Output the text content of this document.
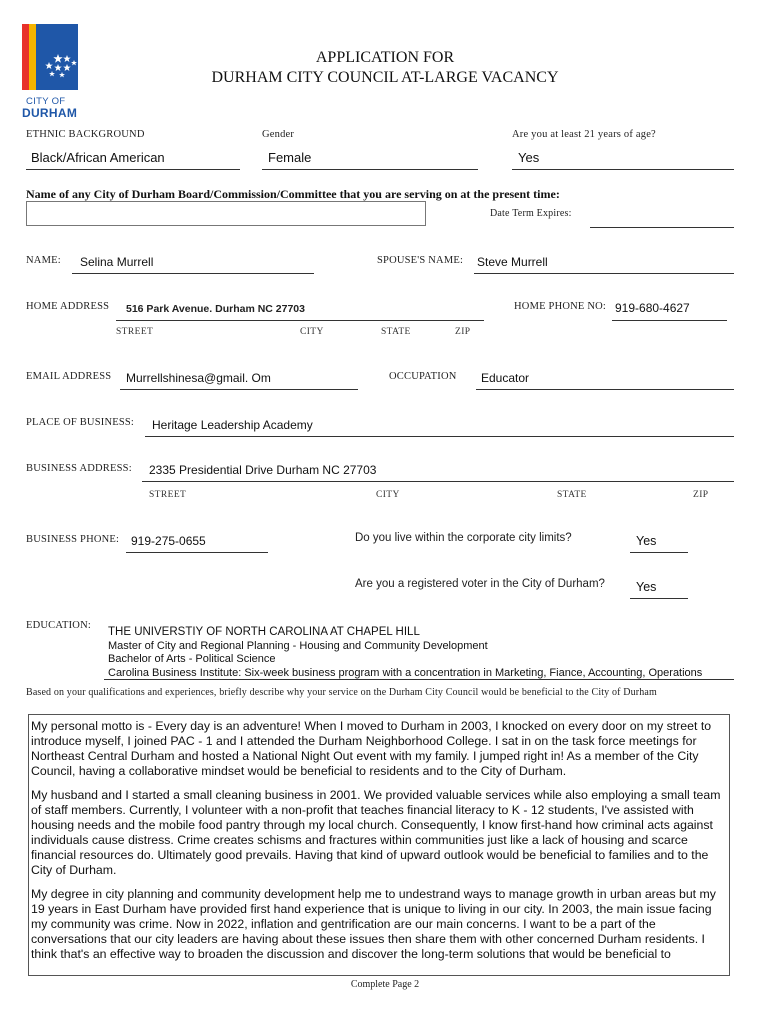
CITY OF
DURHAM
APPLICATION FOR
DURHAM CITY COUNCIL AT-LARGE VACANCY
ETHNIC BACKGROUND
Black/African American
Gender
Female
Are you at least 21 years of age?
Yes
Name of any City of Durham Board/Commission/Committee that you are serving on at the present time:
Date Term Expires:
NAME: Selina Murrell	SPOUSE'S NAME: Steve Murrell
HOME ADDRESS 516 Park Avenue. Durham NC 27703
STREET	CITY	STATE	ZIP
HOME PHONE NO: 919-680-4627
EMAIL ADDRESS Murrellshinesa@gmail. Om	OCCUPATION Educator
PLACE OF BUSINESS: Heritage Leadership Academy
BUSINESS ADDRESS: 2335 Presidential Drive Durham NC 27703
STREET	CITY	STATE	ZIP
BUSINESS PHONE: 919-275-0655	Do you live within the corporate city limits?	Yes
Are you a registered voter in the City of Durham? Yes
EDUCATION:
THE UNIVERSTIY OF NORTH CAROLINA AT CHAPEL HILL
Master of City and Regional Planning - Housing and Community Development
Bachelor of Arts - Political Science
Carolina Business Institute: Six-week business program with a concentration in Marketing, Fiance, Accounting, Operations
Based on your qualifications and experiences, briefly describe why your service on the Durham City Council would be beneficial to the City of Durham

My personal motto is - Every day is an adventure! When I moved to Durham in 2003, I knocked on every door on my street to introduce myself, I joined PAC - 1 and I attended the Durham Neighborhood College. I sat in on the task force meetings for Northeast Central Durham and hosted a National Night Out event with my family. I jumped right in! As a member of the City Council, having a collaborative mindset would be beneficial to residents and to the City of Durham.

My husband and I started a small cleaning business in 2001. We provided valuable services while also employing a small team of staff members. Currently, I volunteer with a non-profit that teaches financial literacy to K - 12 students, I've assisted with housing needs and the mobile food pantry through my local church. Consequently, I know first-hand how criminal acts against individuals cause distress. Crime creates schisms and fractures within communities just like a lack of housing and scarce financial resources do. Ultimately good prevails. Having that kind of upward outlook would be beneficial to families and to the City of Durham.

My degree in city planning and community development help me to undestrand ways to manage growth in urban areas but my 19 years in East Durham have provided first hand experience that is unique to living in our city. In 2003, the main issue facing my community was crime. Now in 2022, inflation and gentrification are our main concerns. I want to be a part of the conversations that our city leaders are having about these issues then share them with other concerned Durham residents. I think that's an effective way to broaden the discussion and discover the long-term solutions that would be beneficial to

Complete Page 2
